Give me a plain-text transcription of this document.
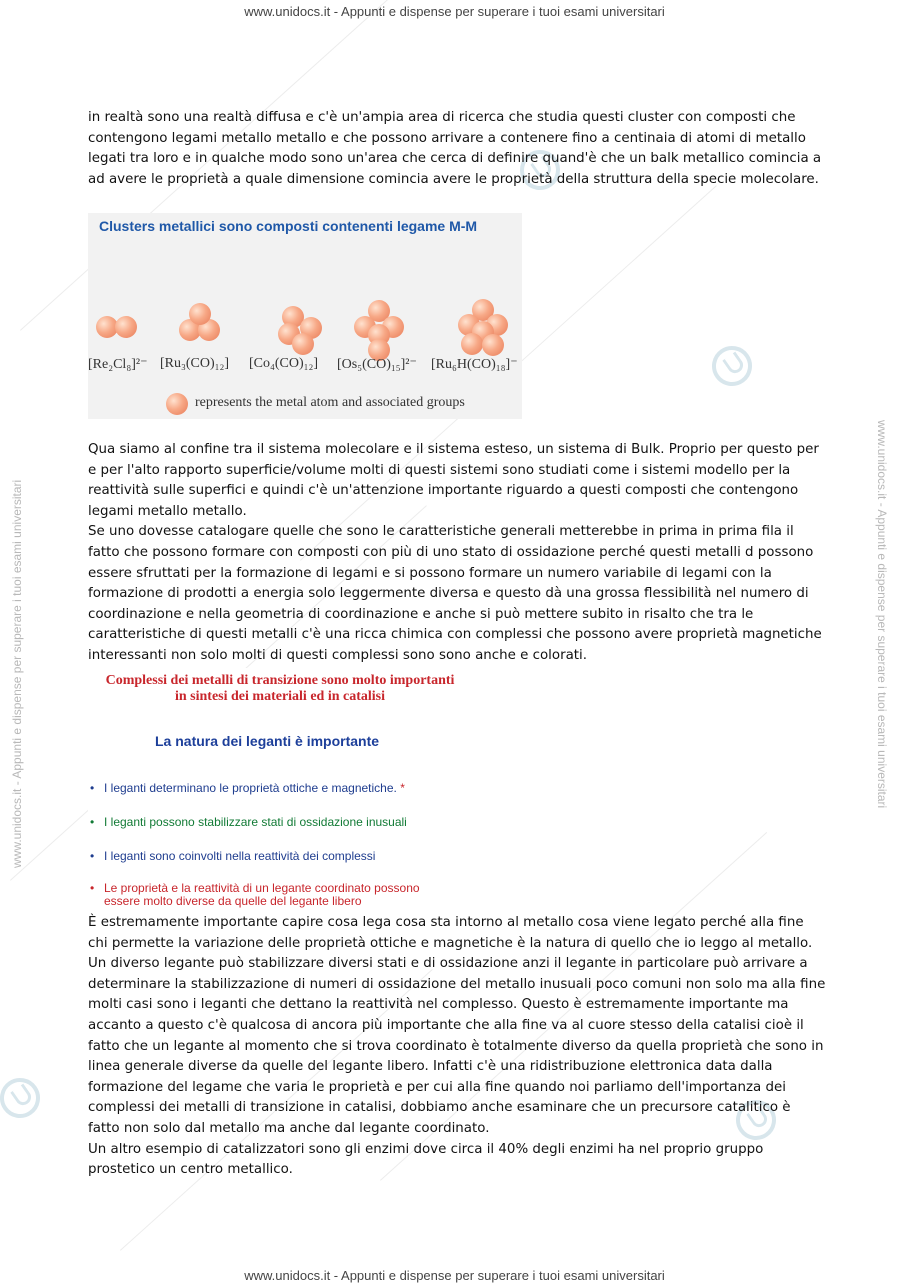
www.unidocs.it - Appunti e dispense per superare i tuoi esami universitari
www.unidocs.it - Appunti e dispense per superare i tuoi esami universitari
www.unidocs.it - Appunti e dispense per superare i tuoi esami universitari	www.unidocs.it - Appunti e dispense per superare i tuoi esami universitari
in realtà sono una realtà diffusa e c'è un'ampia area di ricerca che studia questi cluster con composti che contengono legami metallo metallo e che possono arrivare a contenere fino a centinaia di atomi di metallo legati tra loro e in qualche modo sono un'area che cerca di definire quand'è che un balk metallico comincia a ad avere le proprietà a quale dimensione comincia avere le proprietà della struttura della specie molecolare.
Clusters metallici sono composti contenenti legame M-M
[Re₂Cl₈]²⁻ [Ru₃(CO)₁₂] [Co₄(CO)₁₂] [Os₅(CO)₁₅]²⁻ [Ru₆H(CO)₁₈]⁻
represents the metal atom and associated groups
Qua siamo al confine tra il sistema molecolare e il sistema esteso, un sistema di Bulk. Proprio per questo per e per l'alto rapporto superficie/volume molti di questi sistemi sono studiati come i sistemi modello per la reattività sulle superfici e quindi c'è un'attenzione importante riguardo a questi composti che contengono legami metallo metallo.
Se uno dovesse catalogare quelle che sono le caratteristiche generali metterebbe in prima in prima fila il fatto che possono formare con composti con più di uno stato di ossidazione perché questi metalli d possono essere sfruttati per la formazione di legami e si possono formare un numero variabile di legami con la formazione di prodotti a energia solo leggermente diversa e questo dà una grossa flessibilità nel numero di coordinazione e nella geometria di coordinazione e anche si può mettere subito in risalto che tra le caratteristiche di questi metalli c'è una ricca chimica con complessi che possono avere proprietà magnetiche interessanti non solo molti di questi complessi sono sono anche e colorati.
Complessi dei metalli di transizione sono molto importanti
in sintesi dei materiali ed in catalisi
La natura dei leganti è importante
• I leganti determinano le proprietà ottiche e magnetiche. *
• I leganti possono stabilizzare stati di ossidazione inusuali
• I leganti sono coinvolti nella reattività dei complessi
• Le proprietà e la reattività di un legante coordinato possono
essere molto diverse da quelle del legante libero
È estremamente importante capire cosa lega cosa sta intorno al metallo cosa viene legato perché alla fine chi permette la variazione delle proprietà ottiche e magnetiche è la natura di quello che io leggo al metallo. Un diverso legante può stabilizzare diversi stati e di ossidazione anzi il legante in particolare può arrivare a determinare la stabilizzazione di numeri di ossidazione del metallo inusuali poco comuni non solo ma alla fine molti casi sono i leganti che dettano la reattività nel complesso. Questo è estremamente importante ma accanto a questo c'è qualcosa di ancora più importante che alla fine va al cuore stesso della catalisi cioè il fatto che un legante al momento che si trova coordinato è totalmente diverso da quella proprietà che sono in linea generale diverse da quelle del legante libero. Infatti c'è una ridistribuzione elettronica data dalla formazione del legame che varia le proprietà e per cui alla fine quando noi parliamo dell'importanza dei complessi dei metalli di transizione in catalisi, dobbiamo anche esaminare che un precursore catalitico è fatto non solo dal metallo ma anche dal legante coordinato.
Un altro esempio di catalizzatori sono gli enzimi dove circa il 40% degli enzimi ha nel proprio gruppo prostetico un centro metallico.
